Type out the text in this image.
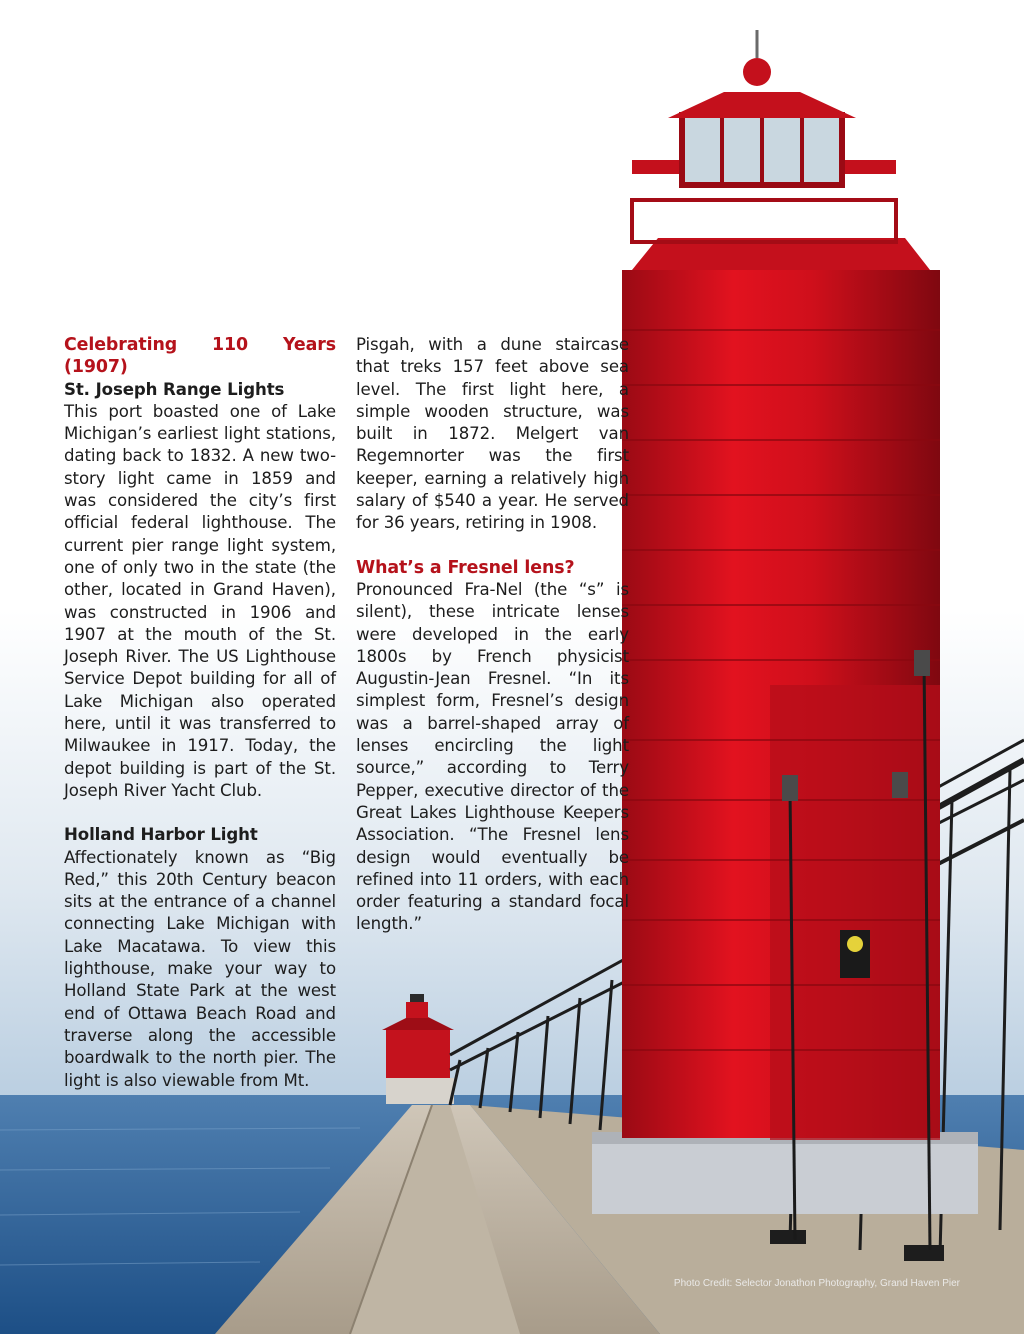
Celebrating 110 Years (1907)

St. Joseph Range Lights

This port boasted one of Lake Michigan’s earliest light stations, dating back to 1832. A new two-story light came in 1859 and was considered the city’s first official federal lighthouse. The current pier range light system, one of only two in the state (the other, located in Grand Haven), was constructed in 1906 and 1907 at the mouth of the St. Joseph River. The US Lighthouse Service Depot building for all of Lake Michigan also operated here, until it was transferred to Milwaukee in 1917. Today, the depot building is part of the St. Joseph River Yacht Club.

Holland Harbor Light

Affectionately known as “Big Red,” this 20th Century beacon sits at the entrance of a channel connecting Lake Michigan with Lake Macatawa. To view this lighthouse, make your way to Holland State Park at the west end of Ottawa Beach Road and traverse along the accessible boardwalk to the north pier. The light is also viewable from Mt.

Pisgah, with a dune staircase that treks 157 feet above sea level. The first light here, a simple wooden structure, was built in 1872. Melgert van Regemnorter was the first keeper, earning a relatively high salary of $540 a year. He served for 36 years, retiring in 1908.

What’s a Fresnel lens?

Pronounced Fra-Nel (the “s” is silent), these intricate lenses were developed in the early 1800s by French physicist Augustin-Jean Fresnel. “In its simplest form, Fresnel’s design was a barrel-shaped array of lenses encircling the light source,” according to Terry Pepper, executive director of the Great Lakes Lighthouse Keepers Association. “The Fresnel lens design would eventually be refined into 11 orders, with each order featuring a standard focal length.”

Photo Credit: Selector Jonathon Photography, Grand Haven Pier
